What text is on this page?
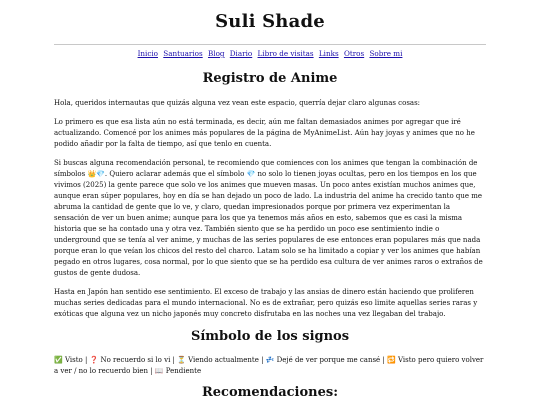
Suli Shade
Inicio Santuarios Blog Diario Libro de visitas Links Otros Sobre mi
Registro de Anime

Hola, queridos internautas que quizás alguna vez vean este espacio, querría dejar claro algunas cosas:

Lo primero es que esa lista aún no está terminada, es decir, aún me faltan demasiados animes por agregar que iré actualizando. Comencé por los animes más populares de la página de MyAnimeList. Aún hay joyas y animes que no he podido añadir por la falta de tiempo, así que tenlo en cuenta.

Si buscas alguna recomendación personal, te recomiendo que comiences con los animes que tengan la combinación de símbolos 👑💎. Quiero aclarar además que el símbolo 💎 no solo lo tienen joyas ocultas, pero en los tiempos en los que vivimos (2025) la gente parece que solo ve los animes que mueven masas. Un poco antes existían muchos animes que, aunque eran súper populares, hoy en día se han dejado un poco de lado. La industria del anime ha crecido tanto que me abruma la cantidad de gente que lo ve, y claro, quedan impresionados porque por primera vez experimentan la sensación de ver un buen anime; aunque para los que ya tenemos más años en esto, sabemos que es casi la misma historia que se ha contado una y otra vez. También siento que se ha perdido un poco ese sentimiento indie o underground que se tenía al ver anime, y muchas de las series populares de ese entonces eran populares más que nada porque eran lo que veían los chicos del resto del charco. Latam solo se ha limitado a copiar y ver los animes que habían pegado en otros lugares, cosa normal, por lo que siento que se ha perdido esa cultura de ver animes raros o extraños de gustos de gente dudosa.

Hasta en Japón han sentido ese sentimiento. El exceso de trabajo y las ansias de dinero están haciendo que proliferen muchas series dedicadas para el mundo internacional. No es de extrañar, pero quizás eso limite aquellas series raras y exóticas que alguna vez un nicho japonés muy concreto disfrutaba en las noches una vez llegaban del trabajo.

Símbolo de los signos

✅ Visto | ❓ No recuerdo si lo vi | ⏳ Viendo actualmente | 💤 Dejé de ver porque me cansé | 🔁 Visto pero quiero volver a ver / no lo recuerdo bien | 📖 Pendiente

Recomendaciones:
